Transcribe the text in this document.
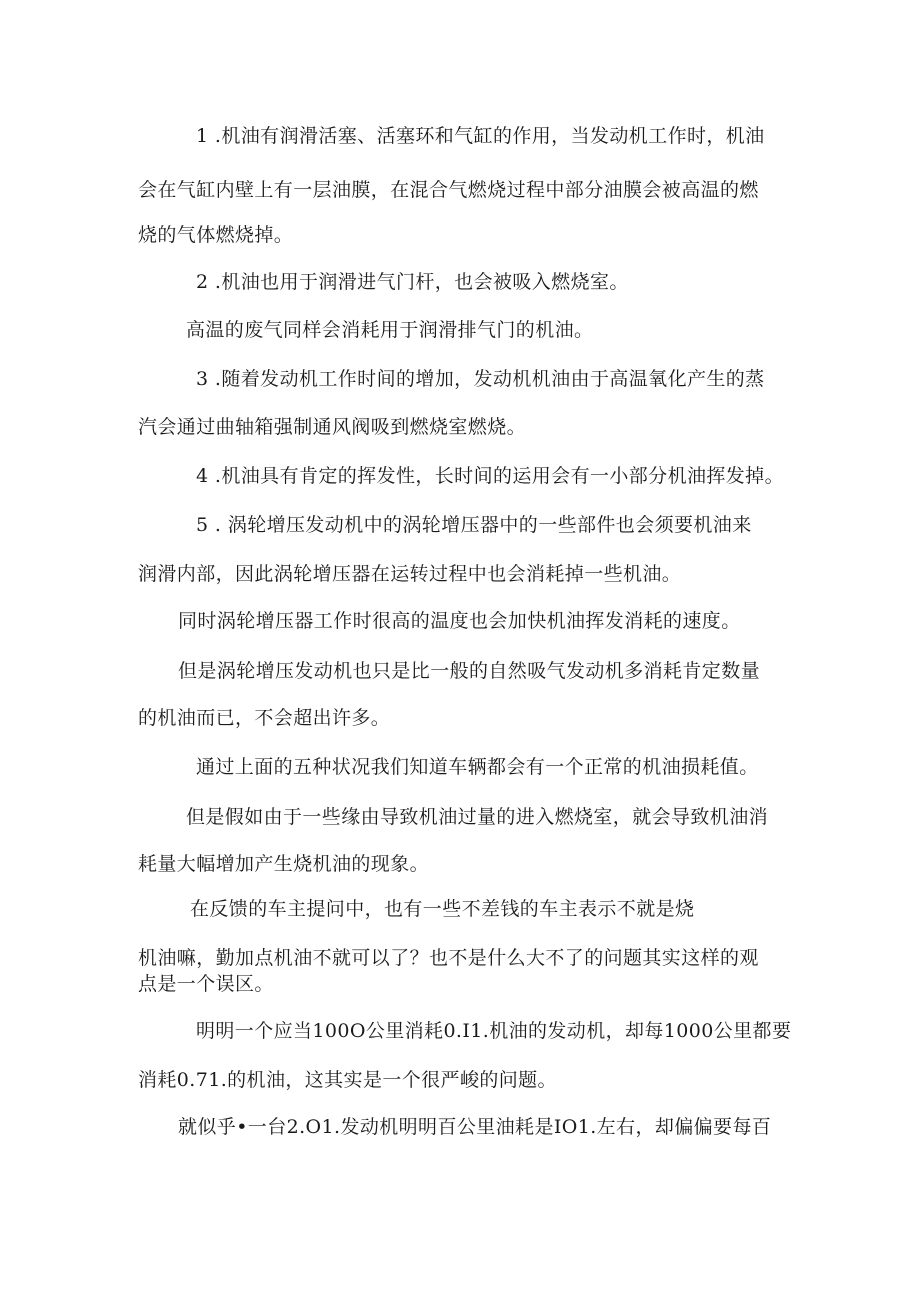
1 .机油有润滑活塞、活塞环和气缸的作用，当发动机工作时，机油
会在气缸内壁上有一层油膜，在混合气燃烧过程中部分油膜会被高温的燃
烧的气体燃烧掉。
2 .机油也用于润滑进气门杆，也会被吸入燃烧室。
高温的废气同样会消耗用于润滑排气门的机油。
3 .随着发动机工作时间的增加，发动机机油由于高温氧化产生的蒸
汽会通过曲轴箱强制通风阀吸到燃烧室燃烧。
4 .机油具有肯定的挥发性，长时间的运用会有一小部分机油挥发掉。
5 . 涡轮增压发动机中的涡轮增压器中的一些部件也会须要机油来
润滑内部，因此涡轮增压器在运转过程中也会消耗掉一些机油。
同时涡轮增压器工作时很高的温度也会加快机油挥发消耗的速度。
但是涡轮增压发动机也只是比一般的自然吸气发动机多消耗肯定数量
的机油而已，不会超出许多。
通过上面的五种状况我们知道车辆都会有一个正常的机油损耗值。
但是假如由于一些缘由导致机油过量的进入燃烧室，就会导致机油消
耗量大幅增加产生烧机油的现象。
在反馈的车主提问中，也有一些不差钱的车主表示不就是烧
机油嘛，勤加点机油不就可以了？也不是什么大不了的问题其实这样的观
点是一个误区。
明明一个应当100O公里消耗0.I1.机油的发动机，却每1000公里都要
消耗0.71.的机油，这其实是一个很严峻的问题。
就似乎•一台2.O1.发动机明明百公里油耗是IO1.左右，却偏偏要每百
